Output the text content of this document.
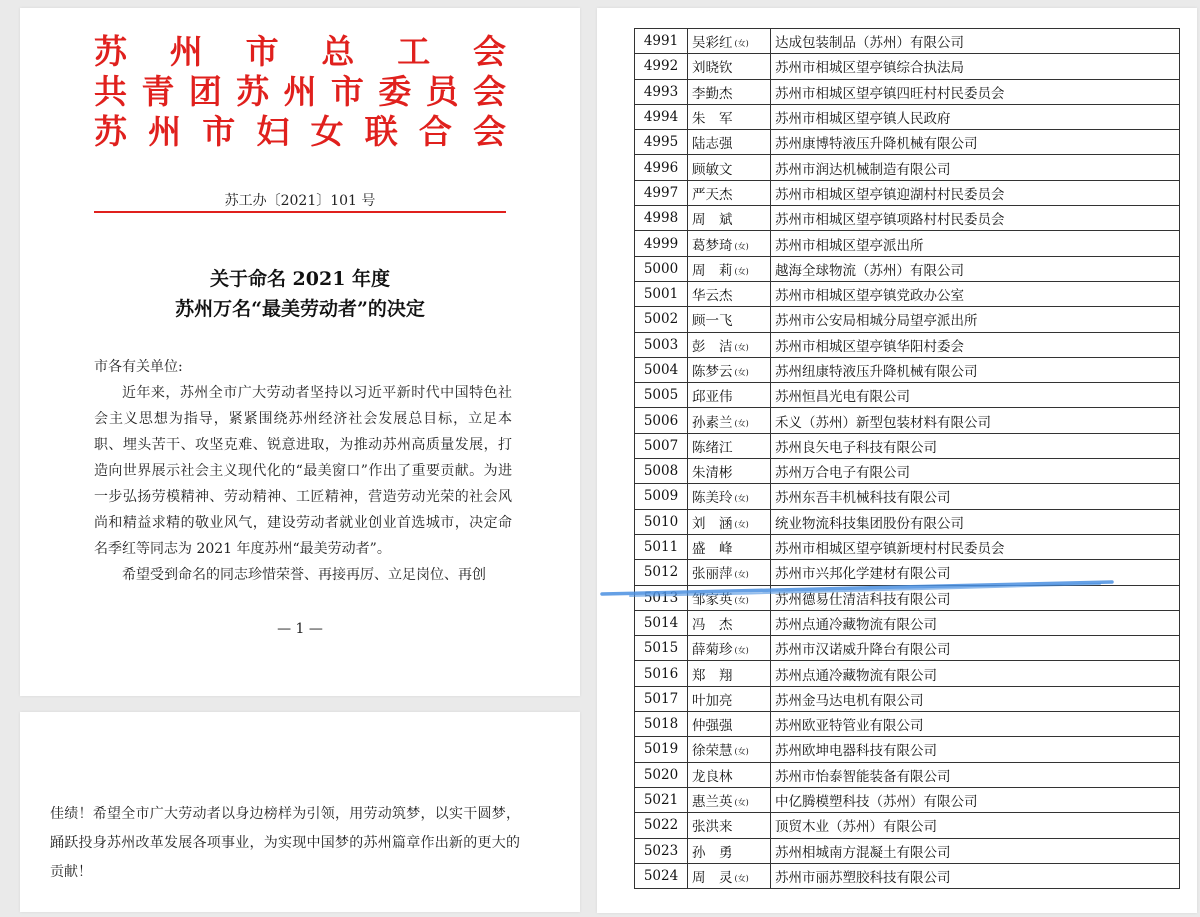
苏 州 市 总 工 会
共 青 团 苏 州 市 委 员 会
苏 州 市 妇 女 联 合 会
苏工办〔2021〕101 号
关于命名 2021 年度
苏州万名“最美劳动者”的决定
市各有关单位:

近年来，苏州全市广大劳动者坚持以习近平新时代中国特色社会主义思想为指导，紧紧围绕苏州经济社会发展总目标，立足本职、埋头苦干、攻坚克难、锐意进取，为推动苏州高质量发展，打造向世界展示社会主义现代化的“最美窗口”作出了重要贡献。为进一步弘扬劳模精神、劳动精神、工匠精神，营造劳动光荣的社会风尚和精益求精的敬业风气，建设劳动者就业创业首选城市，决定命名季红等同志为 2021 年度苏州“最美劳动者”。

希望受到命名的同志珍惜荣誉、再接再厉、立足岗位、再创

— 1 —
佳绩！希望全市广大劳动者以身边榜样为引领，用劳动筑梦，以实干圆梦，踊跃投身苏州改革发展各项事业，为实现中国梦的苏州篇章作出新的更大的贡献！
4991	吴彩红 (女)	达成包装制品（苏州）有限公司
4992	刘晓钦	苏州市相城区望亭镇综合执法局
4993	李勤杰	苏州市相城区望亭镇四旺村村民委员会
4994	朱　军	苏州市相城区望亭镇人民政府
4995	陆志强	苏州康博特液压升降机械有限公司
4996	顾敏文	苏州市润达机械制造有限公司
4997	严天杰	苏州市相城区望亭镇迎湖村村民委员会
4998	周　斌	苏州市相城区望亭镇项路村村民委员会
4999	葛梦琦 (女)	苏州市相城区望亭派出所
5000	周　莉 (女)	越海全球物流（苏州）有限公司
5001	华云杰	苏州市相城区望亭镇党政办公室
5002	顾一飞	苏州市公安局相城分局望亭派出所
5003	彭　洁 (女)	苏州市相城区望亭镇华阳村委会
5004	陈梦云 (女)	苏州纽康特液压升降机械有限公司
5005	邱亚伟	苏州恒昌光电有限公司
5006	孙素兰 (女)	禾义（苏州）新型包装材料有限公司
5007	陈绪江	苏州良矢电子科技有限公司
5008	朱清彬	苏州万合电子有限公司
5009	陈美玲 (女)	苏州东吾丰机械科技有限公司
5010	刘　涵 (女)	统业物流科技集团股份有限公司
5011	盛　峰	苏州市相城区望亭镇新埂村村民委员会
5012	张丽萍 (女)	苏州市兴邦化学建材有限公司
5013	邹家英 (女)	苏州德易仕清洁科技有限公司
5014	冯　杰	苏州点通冷藏物流有限公司
5015	薛菊珍 (女)	苏州市汉诺威升降台有限公司
5016	郑　翔	苏州点通冷藏物流有限公司
5017	叶加亮	苏州金马达电机有限公司
5018	仲强强	苏州欧亚特管业有限公司
5019	徐荣慧 (女)	苏州欧坤电器科技有限公司
5020	龙良林	苏州市怡泰智能装备有限公司
5021	惠兰英 (女)	中亿腾模塑科技（苏州）有限公司
5022	张洪来	顶贸木业（苏州）有限公司
5023	孙　勇	苏州相城南方混凝土有限公司
5024	周　灵 (女)	苏州市丽苏塑胶科技有限公司
